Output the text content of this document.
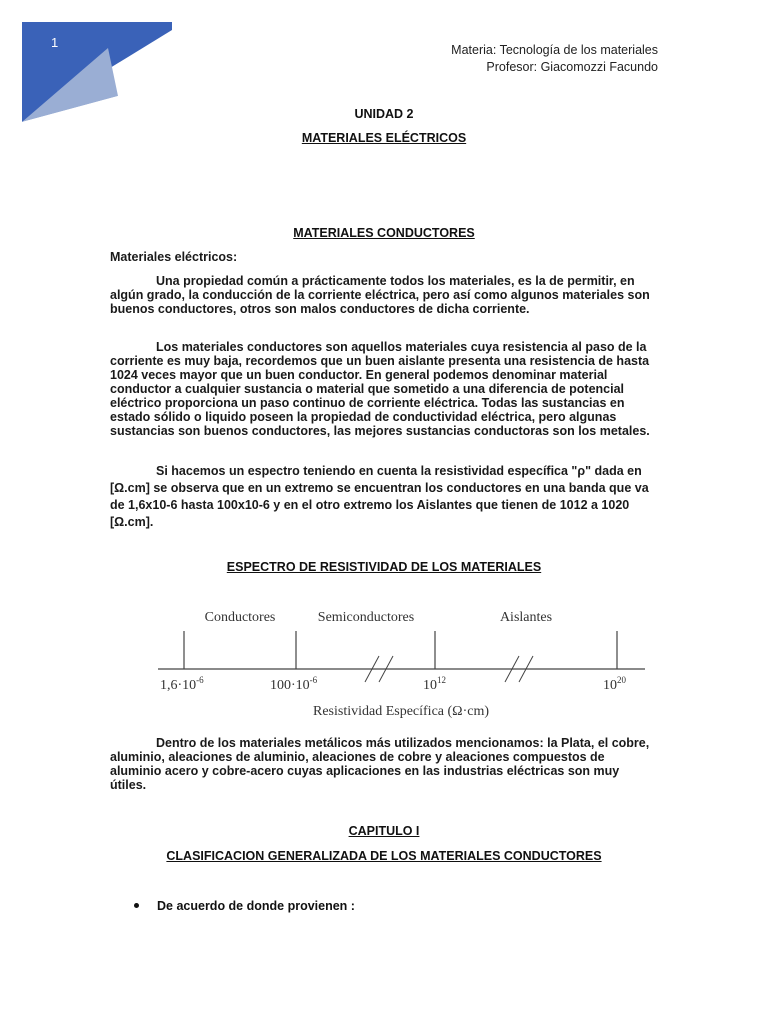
1	Materia: Tecnología de los materiales
Profesor: Giacomozzi Facundo
UNIDAD 2
MATERIALES ELÉCTRICOS
MATERIALES CONDUCTORES
Materiales eléctricos:
Una propiedad común a prácticamente todos los materiales, es la de permitir, en algún grado, la conducción de la corriente eléctrica, pero así como algunos materiales son buenos conductores, otros son malos conductores de dicha corriente.
Los materiales conductores son aquellos materiales cuya resistencia al paso de la corriente es muy baja, recordemos que un buen aislante presenta una resistencia de hasta 1024 veces mayor que un buen conductor. En general podemos denominar material conductor a cualquier sustancia o material que sometido a una diferencia de potencial eléctrico proporciona un paso continuo de corriente eléctrica. Todas las sustancias en estado sólido o liquido poseen la propiedad de conductividad eléctrica, pero algunas sustancias son buenos conductores, las mejores sustancias conductoras son los metales.
Si hacemos un espectro teniendo en cuenta la resistividad específica "ρ" dada en [Ω.cm] se observa que en un extremo se encuentran los conductores en una banda que va de 1,6x10-6 hasta 100x10-6 y en el otro extremo los Aislantes que tienen de 1012 a 1020 [Ω.cm].
ESPECTRO DE RESISTIVIDAD DE LOS MATERIALES
Conductores	Semiconductores	Aislantes
$1,6\cdot 10^{-6}$	$100\cdot 10^{-6}$	$10^{12}$	$10^{20}$
Resistividad Específica (Ω·cm)
Dentro de los materiales metálicos más utilizados mencionamos: la Plata, el cobre, aluminio, aleaciones de aluminio, aleaciones de cobre y aleaciones compuestos de aluminio acero y cobre-acero cuyas aplicaciones en las industrias eléctricas son muy útiles.
CAPITULO I
CLASIFICACION GENERALIZADA DE LOS MATERIALES CONDUCTORES
De acuerdo de donde provienen :
